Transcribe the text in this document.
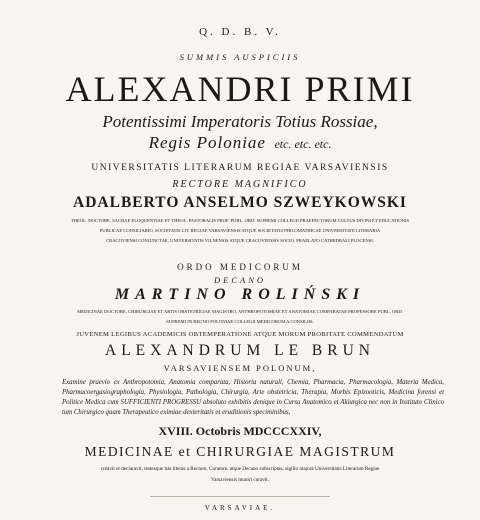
Q. D. B. V.
SUMMIS AUSPICIIS
ALEXANDRI PRIMI
Potentissimi Imperatoris Totius Rossiae,
Regis Poloniae etc. etc. etc.
UNIVERSITATIS LITERARUM REGIAE VARSAVIENSIS
RECTORE MAGNIFICO
ADALBERTO ANSELMO SZWEYKOWSKI
THEOL. DOCTORE, SACRAE ELOQUENTIAE ET THEOL. PASTORALIS PROF. PUBL. ORD. SUPREMI COLLEGII PRAEFECTORUM CULTUS DIVINI ET EDUCATIONIS
PUBLICAE CONSILIARIO, SOCIETATIS LIT. REGIAE VARSAVIENSIS ATQUE SOCIETATIS PHILOMATHICAE UNIVERSITATE LITERARIA
CRACOVIENSI CONJUNCTAE, UNIVERSITATIS VILNENSIS ATQUE CRACOVIENSIS SOCIO, PRAELATO CATHEDRALI PLOCENSI,
ORDO MEDICORUM
DECANO
MARTINO ROLIŃSKI
MEDICINAE DOCTORE, CHIRURGIAE ET ARTIS OBSTETRICIAE MAGISTRO, ANTHROPOTOMIAE ET ANATOMIAE COMPARATAE PROFESSORE PUBL. ORD.
SUPREMI IN REGNO POLONIAE COLLEGII MEDICORUM A CONSILIIS,
JUVENEM LEGIBUS ACADEMICIS OBTEMPERATIONE ATQUE MORUM PROBITATE COMMENDATUM
ALEXANDRUM LE BRUN
VARSAVIENSEM POLONUM,
Examine praevio ex Anthropotomia, Anatomia comparata, Historia naturali, Chemia, Pharmacia, Pharmacologia, Materia Medica, Pharmacoergasiographologia, Physiologia, Pathologia, Chirurgia, Arte obstetricia, Therapia, Morbis Epizooticis, Medicina forensi et Politice Medica cum SUFFICIENTI PROGRESSU absoluto exhibitis denique in Cursu Anatomico et Akiurgica nec non in Instituto Clinico tum Chirurgico quam Therapeutico eximiae dexteritatis et eruditionis speciminibus,
XVIII. Octobris MDCCCXXIV,
MEDICINAE et CHIRURGIAE MAGISTRUM
creavit et declaravit, testesque has literas a Rectore, Curatore, atque Decano subscriptas, sigillo majore Universitatis Literarum Regiae
Varsaviensis muniri curavit.
VARSAVIAE.
